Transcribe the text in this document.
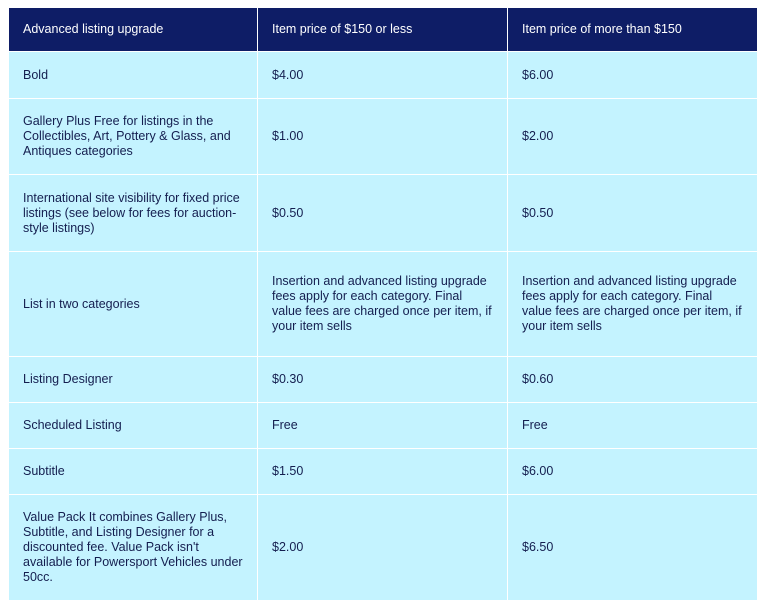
Advanced listing upgrade	Item price of $150 or less	Item price of more than $150
Bold	$4.00	$6.00
Gallery Plus Free for listings in the Collectibles, Art, Pottery & Glass, and Antiques categories	$1.00	$2.00
International site visibility for fixed price listings (see below for fees for auction-style listings)	$0.50	$0.50
List in two categories	Insertion and advanced listing upgrade fees apply for each category. Final value fees are charged once per item, if your item sells	Insertion and advanced listing upgrade fees apply for each category. Final value fees are charged once per item, if your item sells
Listing Designer	$0.30	$0.60
Scheduled Listing	Free	Free
Subtitle	$1.50	$6.00
Value Pack It combines Gallery Plus, Subtitle, and Listing Designer for a discounted fee. Value Pack isn't available for Powersport Vehicles under 50cc.	$2.00	$6.50
